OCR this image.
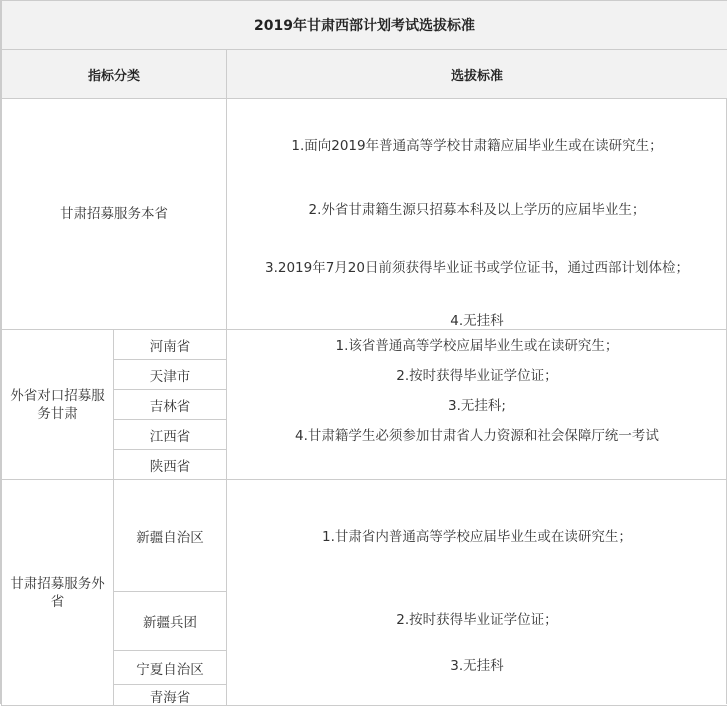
2019年甘肃西部计划考试选拔标准
指标分类	选拔标准
甘肃招募服务本省
1.面向2019年普通高等学校甘肃籍应届毕业生或在读研究生；
2.外省甘肃籍生源只招募本科及以上学历的应届毕业生；
3.2019年7月20日前须获得毕业证书或学位证书，通过西部计划体检；
4.无挂科
外省对口招募服务甘肃
河南省
天津市
吉林省
江西省
陕西省
1.该省普通高等学校应届毕业生或在读研究生；
2.按时获得毕业证学位证；
3.无挂科;
4.甘肃籍学生必须参加甘肃省人力资源和社会保障厅统一考试
甘肃招募服务外省
新疆自治区
新疆兵团
宁夏自治区
青海省
1.甘肃省内普通高等学校应届毕业生或在读研究生；
2.按时获得毕业证学位证；
3.无挂科
